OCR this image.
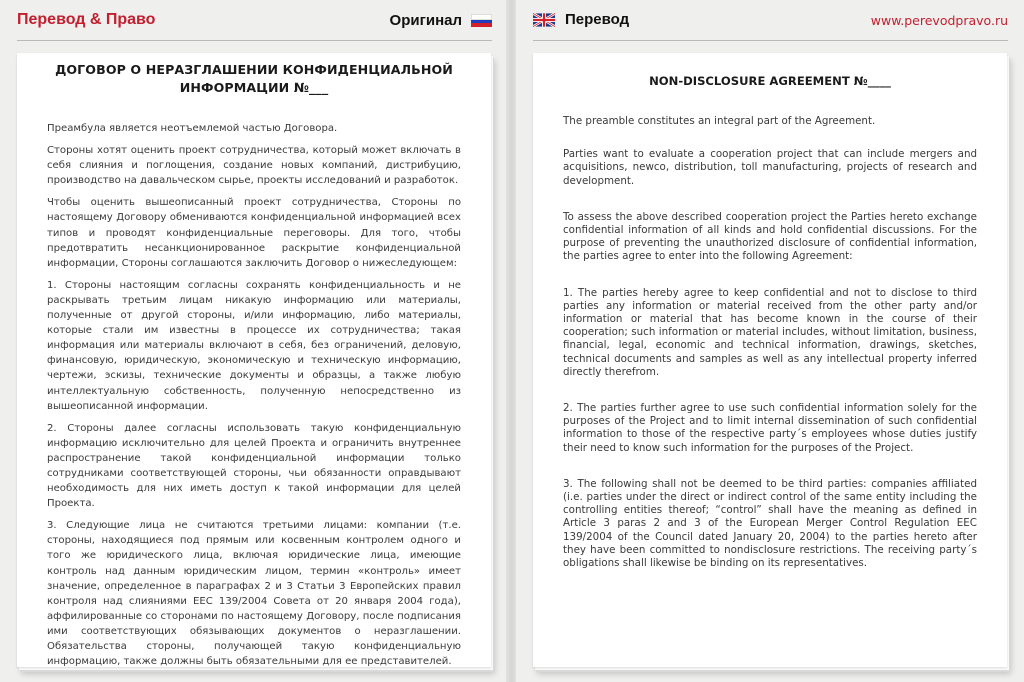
Перевод & Право	Оригинал
ДОГОВОР О НЕРАЗГЛАШЕНИИ КОНФИДЕНЦИАЛЬНОЙ
ИНФОРМАЦИИ №___

Преамбула является неотъемлемой частью Договора.

Стороны хотят оценить проект сотрудничества, который может включать в себя слияния и поглощения, создание новых компаний, дистрибуцию, производство на давальческом сырье, проекты исследований и разработок.

Чтобы оценить вышеописанный проект сотрудничества, Стороны по настоящему Договору обмениваются конфиденциальной информацией всех типов и проводят конфиденциальные переговоры. Для того, чтобы предотвратить несанкционированное раскрытие конфиденциальной информации, Стороны соглашаются заключить Договор о нижеследующем:

1. Стороны настоящим согласны сохранять конфиденциальность и не раскрывать третьим лицам никакую информацию или материалы, полученные от другой стороны, и/или информацию, либо материалы, которые стали им известны в процессе их сотрудничества; такая информация или материалы включают в себя, без ограничений, деловую, финансовую, юридическую, экономическую и техническую информацию, чертежи, эскизы, технические документы и образцы, а также любую интеллектуальную собственность, полученную непосредственно из вышеописанной информации.

2. Стороны далее согласны использовать такую конфиденциальную информацию исключительно для целей Проекта и ограничить внутреннее распространение такой конфиденциальной информации только сотрудниками соответствующей стороны, чьи обязанности оправдывают необходимость для них иметь доступ к такой информации для целей Проекта.

3. Следующие лица не считаются третьими лицами: компании (т.е. стороны, находящиеся под прямым или косвенным контролем одного и того же юридического лица, включая юридические лица, имеющие контроль над данным юридическим лицом, термин «контроль» имеет значение, определенное в параграфах 2 и 3 Статьи 3 Европейских правил контроля над слияниями ЕЕС 139/2004 Совета от 20 января 2004 года), аффилированные со сторонами по настоящему Договору, после подписания ими соответствующих обязывающих документов о неразглашении. Обязательства стороны, получающей такую конфиденциальную информацию, также должны быть обязательными для ее представителей.

Перевод	www.perevodpravo.ru
NON-DISCLOSURE AGREEMENT №____

The preamble constitutes an integral part of the Agreement.

Parties want to evaluate a cooperation project that can include mergers and acquisitions, newco, distribution, toll manufacturing, projects of research and development.

To assess the above described cooperation project the Parties hereto exchange confidential information of all kinds and hold confidential discussions. For the purpose of preventing the unauthorized disclosure of confidential information, the parties agree to enter into the following Agreement:

1. The parties hereby agree to keep confidential and not to disclose to third parties any information or material received from the other party and/or information or material that has become known in the course of their cooperation; such information or material includes, without limitation, business, financial, legal, economic and technical information, drawings, sketches, technical documents and samples as well as any intellectual property inferred directly therefrom.

2. The parties further agree to use such confidential information solely for the purposes of the Project and to limit internal dissemination of such confidential information to those of the respective party´s employees whose duties justify their need to know such information for the purposes of the Project.

3. The following shall not be deemed to be third parties: companies affiliated (i.e. parties under the direct or indirect control of the same entity including the controlling entities thereof; “control” shall have the meaning as defined in Article 3 paras 2 and 3 of the European Merger Control Regulation EEC 139/2004 of the Council dated January 20, 2004) to the parties hereto after they have been committed to nondisclosure restrictions. The receiving party´s obligations shall likewise be binding on its representatives.
